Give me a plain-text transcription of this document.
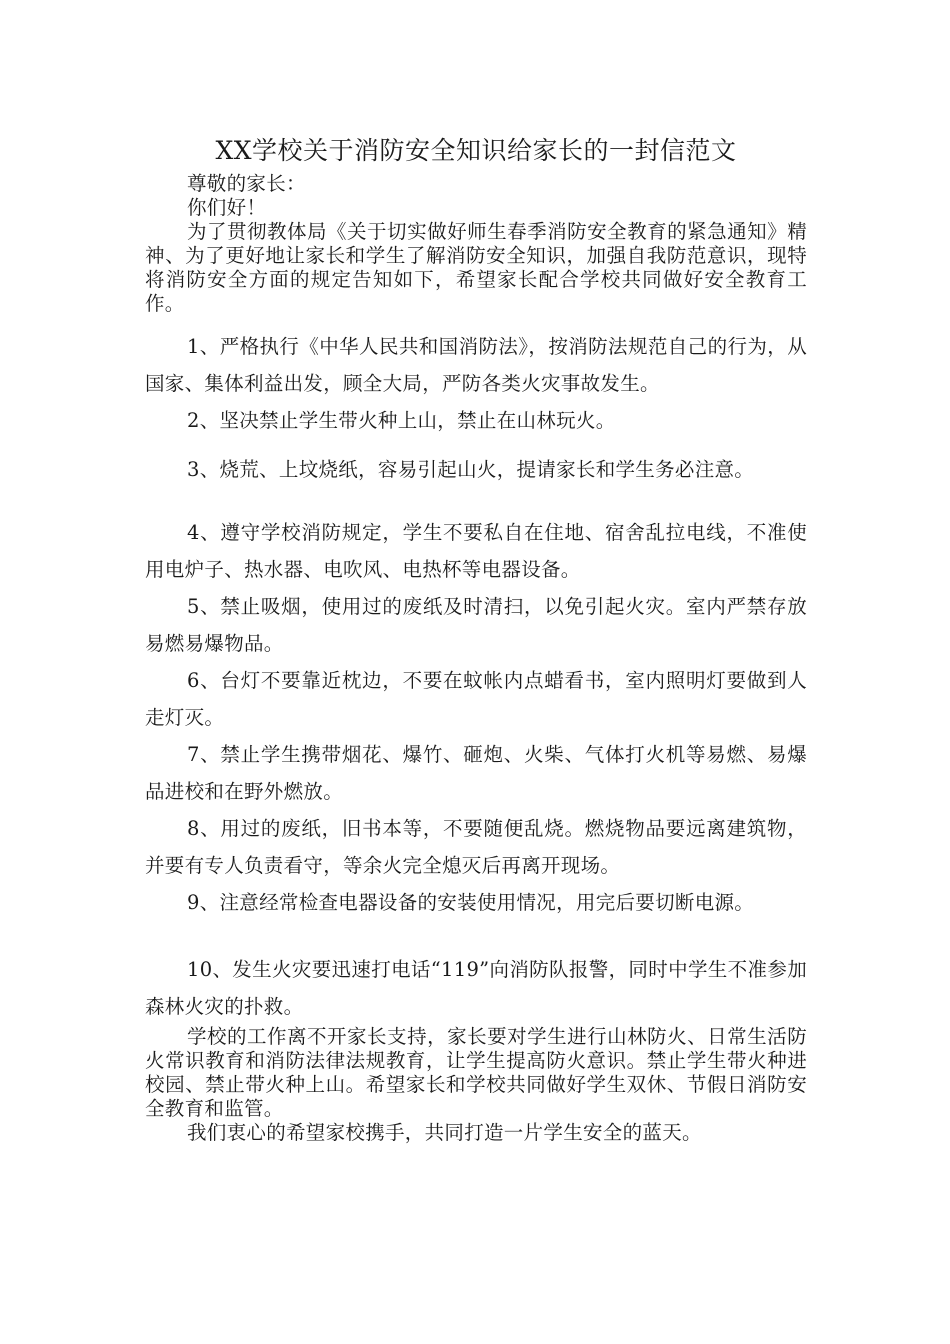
XX学校关于消防安全知识给家长的一封信范文

尊敬的家长：

你们好！

为了贯彻教体局《关于切实做好师生春季消防安全教育的紧急通知》精神、为了更好地让家长和学生了解消防安全知识，加强自我防范意识，现特将消防安全方面的规定告知如下，希望家长配合学校共同做好安全教育工作。

1、严格执行《中华人民共和国消防法》，按消防法规范自己的行为，从国家、集体利益出发，顾全大局，严防各类火灾事故发生。

2、坚决禁止学生带火种上山，禁止在山林玩火。

3、烧荒、上坟烧纸，容易引起山火，提请家长和学生务必注意。

4、遵守学校消防规定，学生不要私自在住地、宿舍乱拉电线，不准使用电炉子、热水器、电吹风、电热杯等电器设备。

5、禁止吸烟，使用过的废纸及时清扫，以免引起火灾。室内严禁存放易燃易爆物品。

6、台灯不要靠近枕边，不要在蚊帐内点蜡看书，室内照明灯要做到人走灯灭。

7、禁止学生携带烟花、爆竹、砸炮、火柴、气体打火机等易燃、易爆品进校和在野外燃放。

8、用过的废纸，旧书本等，不要随便乱烧。燃烧物品要远离建筑物，并要有专人负责看守，等余火完全熄灭后再离开现场。

9、注意经常检查电器设备的安装使用情况，用完后要切断电源。

10、发生火灾要迅速打电话“119”向消防队报警，同时中学生不准参加森林火灾的扑救。

学校的工作离不开家长支持，家长要对学生进行山林防火、日常生活防火常识教育和消防法律法规教育，让学生提高防火意识。禁止学生带火种进校园、禁止带火种上山。希望家长和学校共同做好学生双休、节假日消防安全教育和监管。

我们衷心的希望家校携手，共同打造一片学生安全的蓝天。
